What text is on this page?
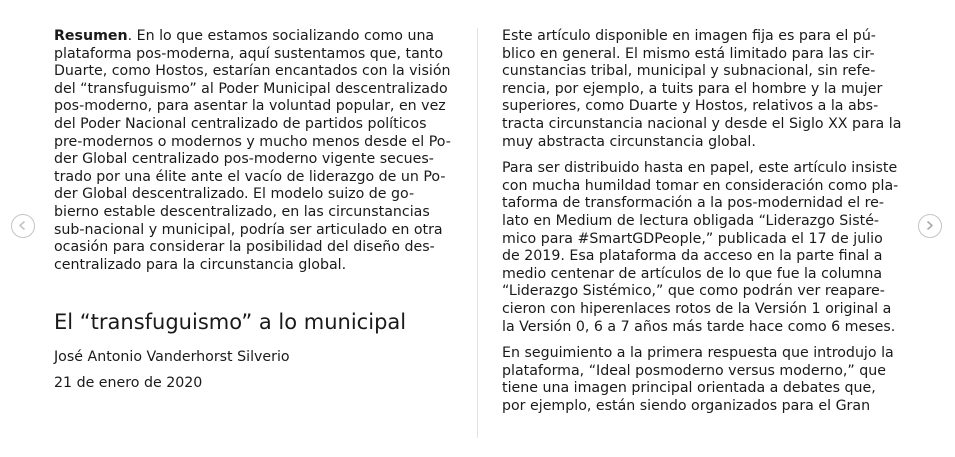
Resumen. En lo que estamos socializando como una
plataforma pos-moderna, aquí sustentamos que, tanto
Duarte, como Hostos, estarían encantados con la visión
del “transfuguismo” al Poder Municipal descentralizado
pos-moderno, para asentar la voluntad popular, en vez
del Poder Nacional centralizado de partidos políticos
pre-modernos o modernos y mucho menos desde el Po-
der Global centralizado pos-moderno vigente secues-
trado por una élite ante el vacío de liderazgo de un Po-
der Global descentralizado. El modelo suizo de go-
bierno estable descentralizado, en las circunstancias
sub-nacional y municipal, podría ser articulado en otra
ocasión para considerar la posibilidad del diseño des-
centralizado para la circunstancia global.

El “transfuguismo” a lo municipal

José Antonio Vanderhorst Silverio

21 de enero de 2020

Este artículo disponible en imagen fija es para el pú-
blico en general. El mismo está limitado para las cir-
cunstancias tribal, municipal y subnacional, sin refe-
rencia, por ejemplo, a tuits para el hombre y la mujer
superiores, como Duarte y Hostos, relativos a la abs-
tracta circunstancia nacional y desde el Siglo XX para la
muy abstracta circunstancia global.

Para ser distribuido hasta en papel, este artículo insiste
con mucha humildad tomar en consideración como pla-
taforma de transformación a la pos-modernidad el re-
lato en Medium de lectura obligada “Liderazgo Sisté-
mico para #SmartGDPeople,” publicada el 17 de julio
de 2019. Esa plataforma da acceso en la parte final a
medio centenar de artículos de lo que fue la columna
“Liderazgo Sistémico,” que como podrán ver reapare-
cieron con hiperenlaces rotos de la Versión 1 original a
la Versión 0, 6 a 7 años más tarde hace como 6 meses.

En seguimiento a la primera respuesta que introdujo la
plataforma, “Ideal posmoderno versus moderno,” que
tiene una imagen principal orientada a debates que,
por ejemplo, están siendo organizados para el Gran
